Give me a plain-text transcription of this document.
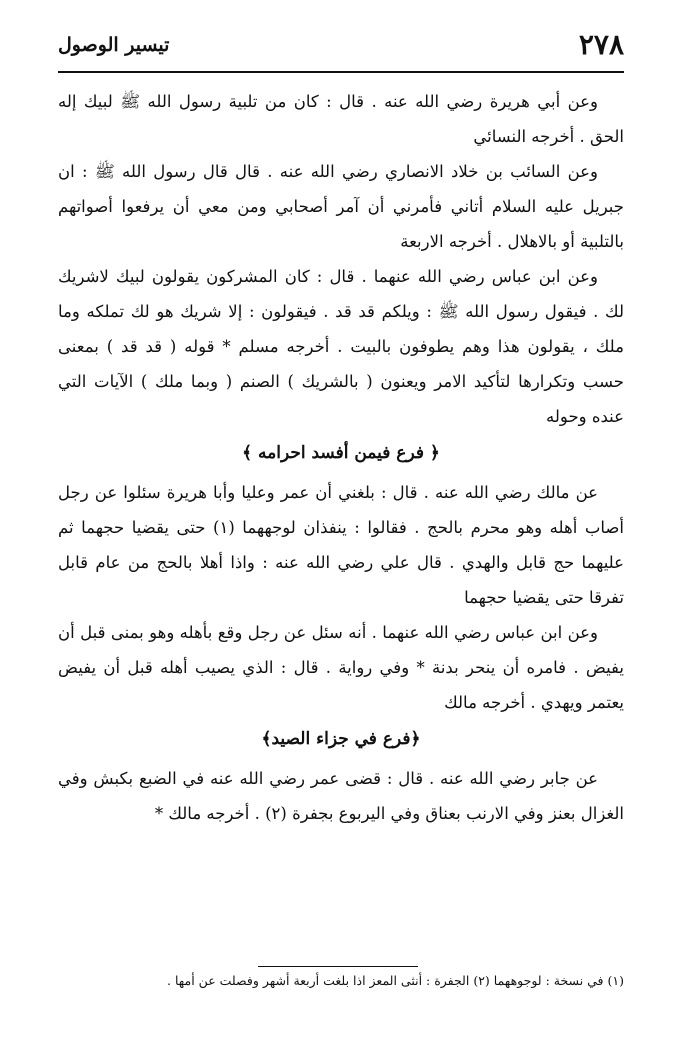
٢٧٨
تيسير الوصول

وعن أبي هريرة رضي الله عنه . قال : كان من تلبية رسول الله ﷺ لبيك إله الحق . أخرجه النسائي

وعن السائب بن خلاد الانصاري رضي الله عنه . قال قال رسول الله ﷺ : ان جبريل عليه السلام أتاني فأمرني أن آمر أصحابي ومن معي أن يرفعوا أصواتهم بالتلبية أو بالاهلال . أخرجه الاربعة

وعن ابن عباس رضي الله عنهما . قال : كان المشركون يقولون لبيك لاشريك لك . فيقول رسول الله ﷺ : ويلكم قد قد . فيقولون : إلا شريك هو لك تملكه وما ملك ، يقولون هذا وهم يطوفون بالبيت . أخرجه مسلم * قوله ( قد قد ) بمعنى حسب وتكرارها لتأكيد الامر ويعنون ( بالشريك ) الصنم ( وبما ملك ) الآيات التي عنده وحوله

﴿ فرع فيمن أفسد احرامه ﴾

عن مالك رضي الله عنه . قال : بلغني أن عمر وعليا وأبا هريرة سئلوا عن رجل أصاب أهله وهو محرم بالحج . فقالوا : ينفذان لوجههما (١) حتى يقضيا حجهما ثم عليهما حج قابل والهدي . قال علي رضي الله عنه : واذا أهلا بالحج من عام قابل تفرقا حتى يقضيا حجهما

وعن ابن عباس رضي الله عنهما . أنه سئل عن رجل وقع بأهله وهو بمنى قبل أن يفيض . فامره أن ينحر بدنة * وفي رواية . قال : الذي يصيب أهله قبل أن يفيض يعتمر ويهدي . أخرجه مالك

﴿فرع في جزاء الصيد﴾

عن جابر رضي الله عنه . قال : قضى عمر رضي الله عنه في الضبع بكبش وفي الغزال بعنز وفي الارنب بعناق وفي اليربوع بجفرة (٢) . أخرجه مالك *

(١) في نسخة : لوجوههما (٢) الجفرة : أنثى المعز اذا بلغت أربعة أشهر وفصلت عن أمها .
